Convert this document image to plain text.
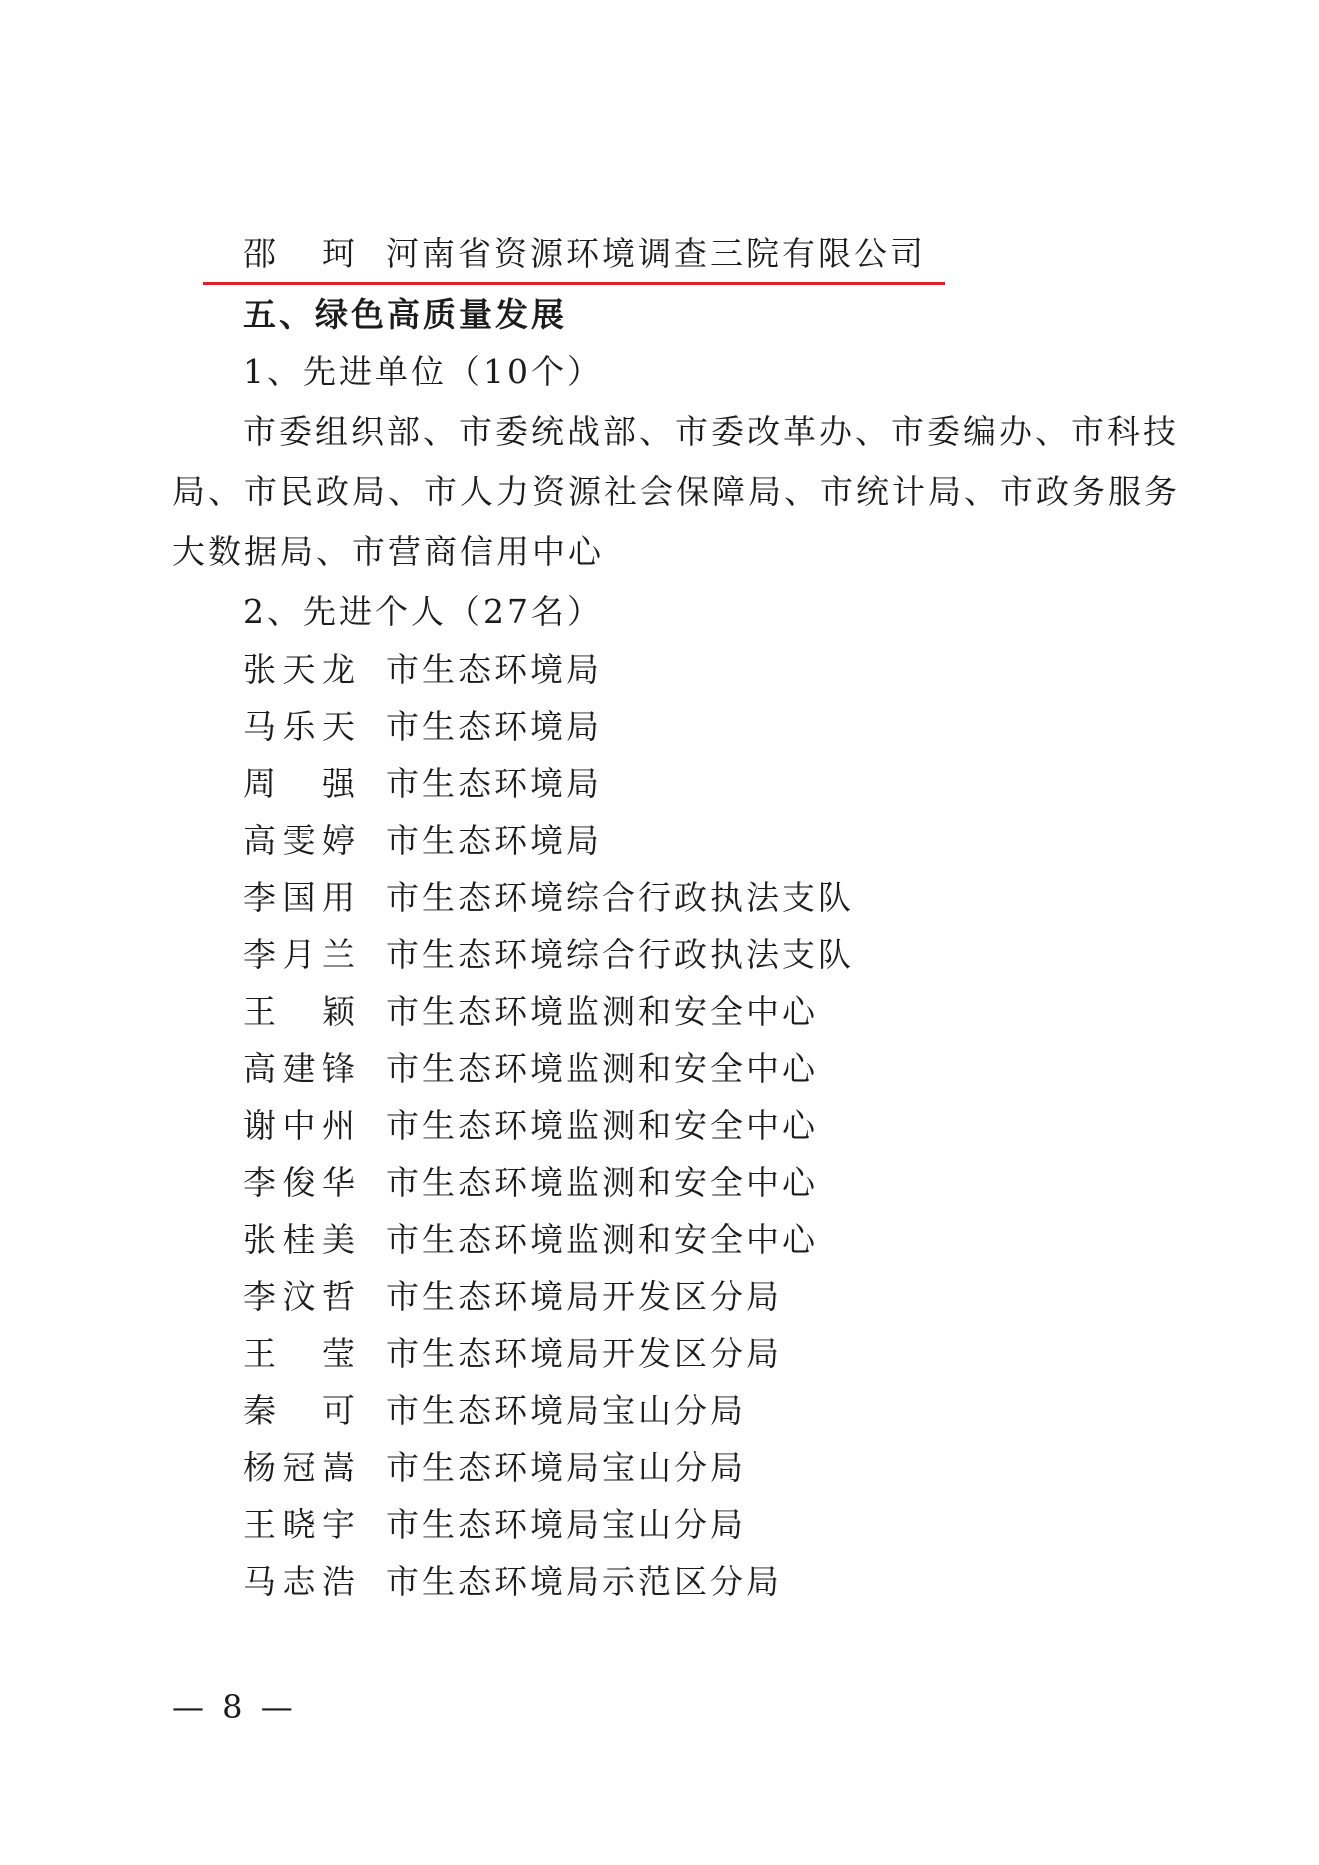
邵　珂 河南省资源环境调查三院有限公司
五、绿色高质量发展
1、先进单位（10个）
市委组织部、市委统战部、市委改革办、市委编办、市科技
局、市民政局、市人力资源社会保障局、市统计局、市政务服务
大数据局、市营商信用中心
2、先进个人（27名）
张天龙 市生态环境局
马乐天 市生态环境局
周　强 市生态环境局
高雯婷 市生态环境局
李国用 市生态环境综合行政执法支队
李月兰 市生态环境综合行政执法支队
王　颖 市生态环境监测和安全中心
高建锋 市生态环境监测和安全中心
谢中州 市生态环境监测和安全中心
李俊华 市生态环境监测和安全中心
张桂美 市生态环境监测和安全中心
李汶哲 市生态环境局开发区分局
王　莹 市生态环境局开发区分局
秦　可 市生态环境局宝山分局
杨冠嵩 市生态环境局宝山分局
王晓宇 市生态环境局宝山分局
马志浩 市生态环境局示范区分局
— 8 —
